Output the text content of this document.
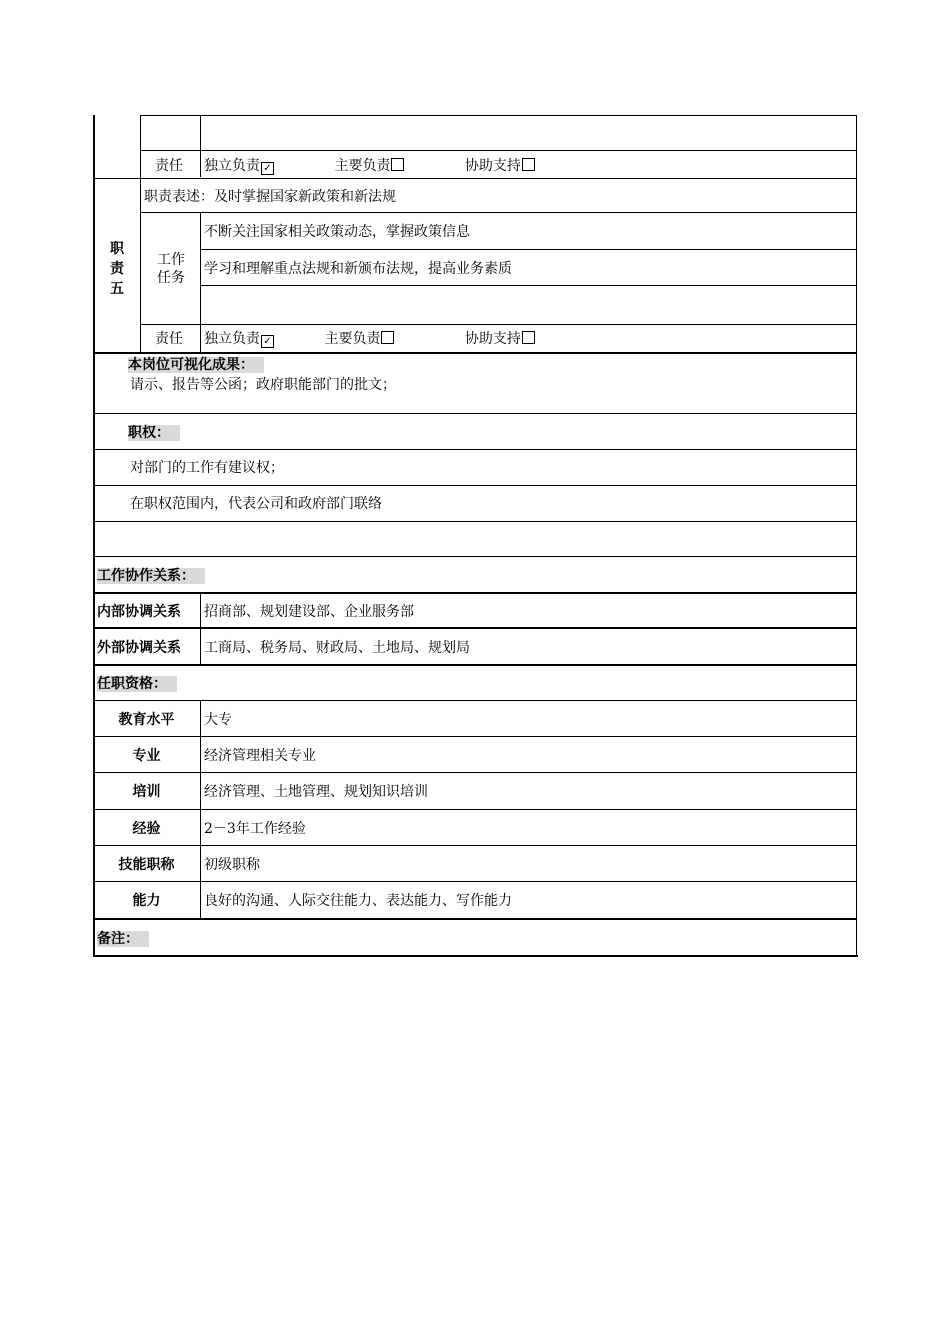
责任 独立负责 ✓	主要负责	协助支持
职
责
五
职责表述：及时掌握国家新政策和新法规
工作
任务
不断关注国家相关政策动态，掌握政策信息
学习和理解重点法规和新颁布法规，提高业务素质
责任 独立负责 ✓	主要负责	协助支持
本岗位可视化成果：
请示、报告等公函；政府职能部门的批文；
职权：
对部门的工作有建议权；
在职权范围内，代表公司和政府部门联络
工作协作关系：
内部协调关系 招商部、规划建设部、企业服务部
外部协调关系 工商局、税务局、财政局、土地局、规划局
任职资格：
教育水平	大专
专业	经济管理相关专业
培训	经济管理、土地管理、规划知识培训
经验	2－3年工作经验
技能职称	初级职称
能力	良好的沟通、人际交往能力、表达能力、写作能力
备注：
